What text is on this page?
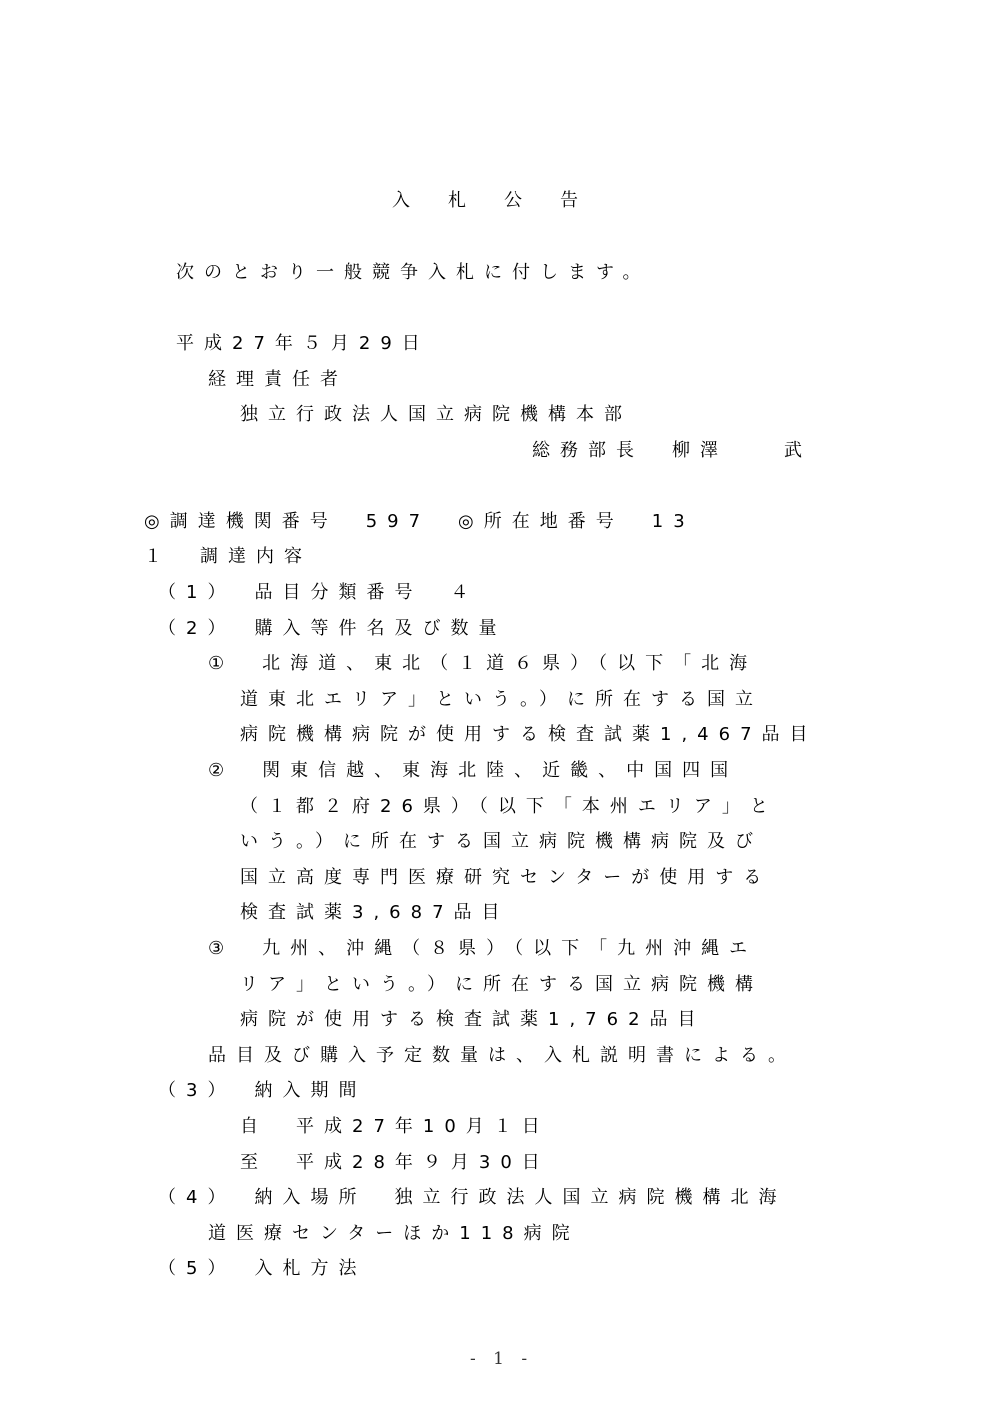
入札公告
次のとおり一般競争入札に付します。
平成27年５月29日
経理責任者
独立行政法人国立病院機構本部
総務部長　柳澤　　武
◎調達機関番号　597　◎所在地番号　13
１　調達内容
（1）　品目分類番号　４
（2）　購入等件名及び数量
①　北海道、東北（１道６県）（以下「北海
道東北エリア」という。）に所在する国立
病院機構病院が使用する検査試薬1,467品目
②　関東信越、東海北陸、近畿、中国四国
（１都２府26県）（以下「本州エリア」と
いう。）に所在する国立病院機構病院及び
国立高度専門医療研究センターが使用する
検査試薬3,687品目
③　九州、沖縄（８県）（以下「九州沖縄エ
リア」という。）に所在する国立病院機構
病院が使用する検査試薬1,762品目
品目及び購入予定数量は、入札説明書による。
（3）　納入期間
自　平成27年10月１日
至　平成28年９月30日
（4）　納入場所　独立行政法人国立病院機構北海
道医療センターほか118病院
（5）　入札方法
- 1 -
